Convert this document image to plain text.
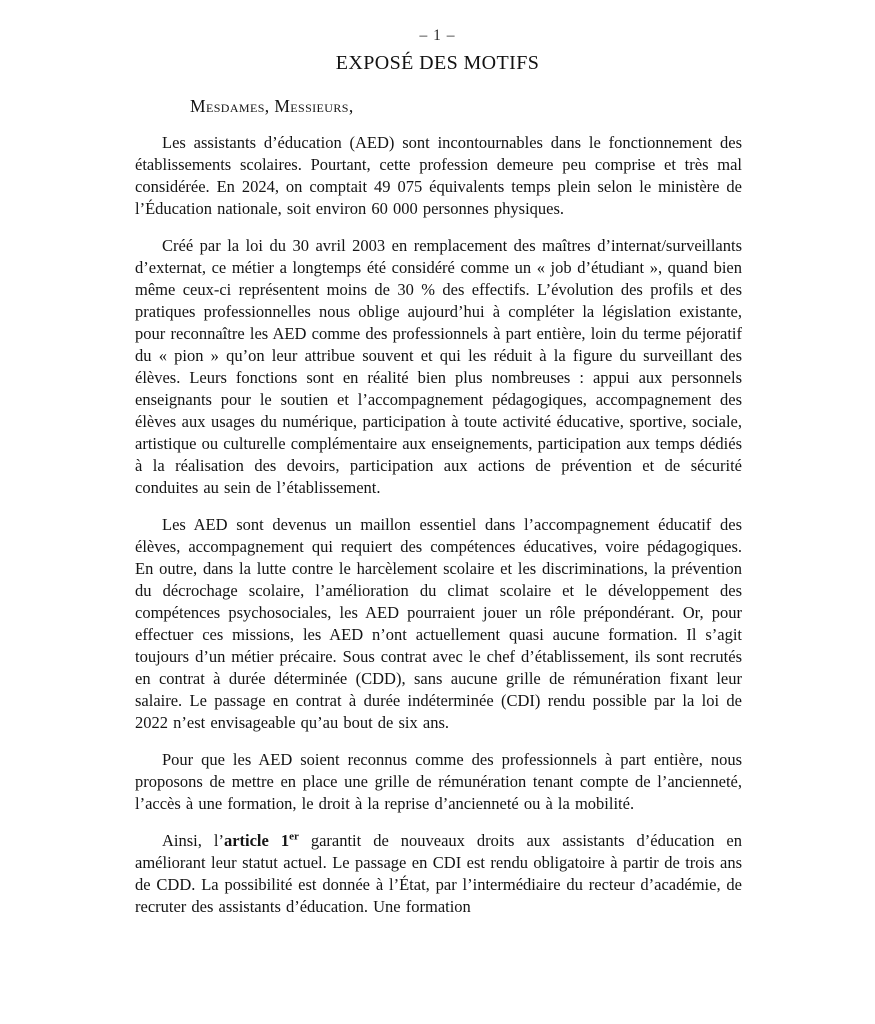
– 1 –
EXPOSÉ DES MOTIFS

Mesdames, Messieurs,

Les assistants d’éducation (AED) sont incontournables dans le fonctionnement des établissements scolaires. Pourtant, cette profession demeure peu comprise et très mal considérée. En 2024, on comptait 49 075 équivalents temps plein selon le ministère de l’Éducation nationale, soit environ 60 000 personnes physiques.

Créé par la loi du 30 avril 2003 en remplacement des maîtres d’internat/surveillants d’externat, ce métier a longtemps été considéré comme un « job d’étudiant », quand bien même ceux-ci représentent moins de 30 % des effectifs. L’évolution des profils et des pratiques professionnelles nous oblige aujourd’hui à compléter la législation existante, pour reconnaître les AED comme des professionnels à part entière, loin du terme péjoratif du « pion » qu’on leur attribue souvent et qui les réduit à la figure du surveillant des élèves. Leurs fonctions sont en réalité bien plus nombreuses : appui aux personnels enseignants pour le soutien et l’accompagnement pédagogiques, accompagnement des élèves aux usages du numérique, participation à toute activité éducative, sportive, sociale, artistique ou culturelle complémentaire aux enseignements, participation aux temps dédiés à la réalisation des devoirs, participation aux actions de prévention et de sécurité conduites au sein de l’établissement.

Les AED sont devenus un maillon essentiel dans l’accompagnement éducatif des élèves, accompagnement qui requiert des compétences éducatives, voire pédagogiques. En outre, dans la lutte contre le harcèlement scolaire et les discriminations, la prévention du décrochage scolaire, l’amélioration du climat scolaire et le développement des compétences psychosociales, les AED pourraient jouer un rôle prépondérant. Or, pour effectuer ces missions, les AED n’ont actuellement quasi aucune formation. Il s’agit toujours d’un métier précaire. Sous contrat avec le chef d’établissement, ils sont recrutés en contrat à durée déterminée (CDD), sans aucune grille de rémunération fixant leur salaire. Le passage en contrat à durée indéterminée (CDI) rendu possible par la loi de 2022 n’est envisageable qu’au bout de six ans.

Pour que les AED soient reconnus comme des professionnels à part entière, nous proposons de mettre en place une grille de rémunération tenant compte de l’ancienneté, l’accès à une formation, le droit à la reprise d’ancienneté ou à la mobilité.

Ainsi, l’article 1er garantit de nouveaux droits aux assistants d’éducation en améliorant leur statut actuel. Le passage en CDI est rendu obligatoire à partir de trois ans de CDD. La possibilité est donnée à l’État, par l’intermédiaire du recteur d’académie, de recruter des assistants d’éducation. Une formation
